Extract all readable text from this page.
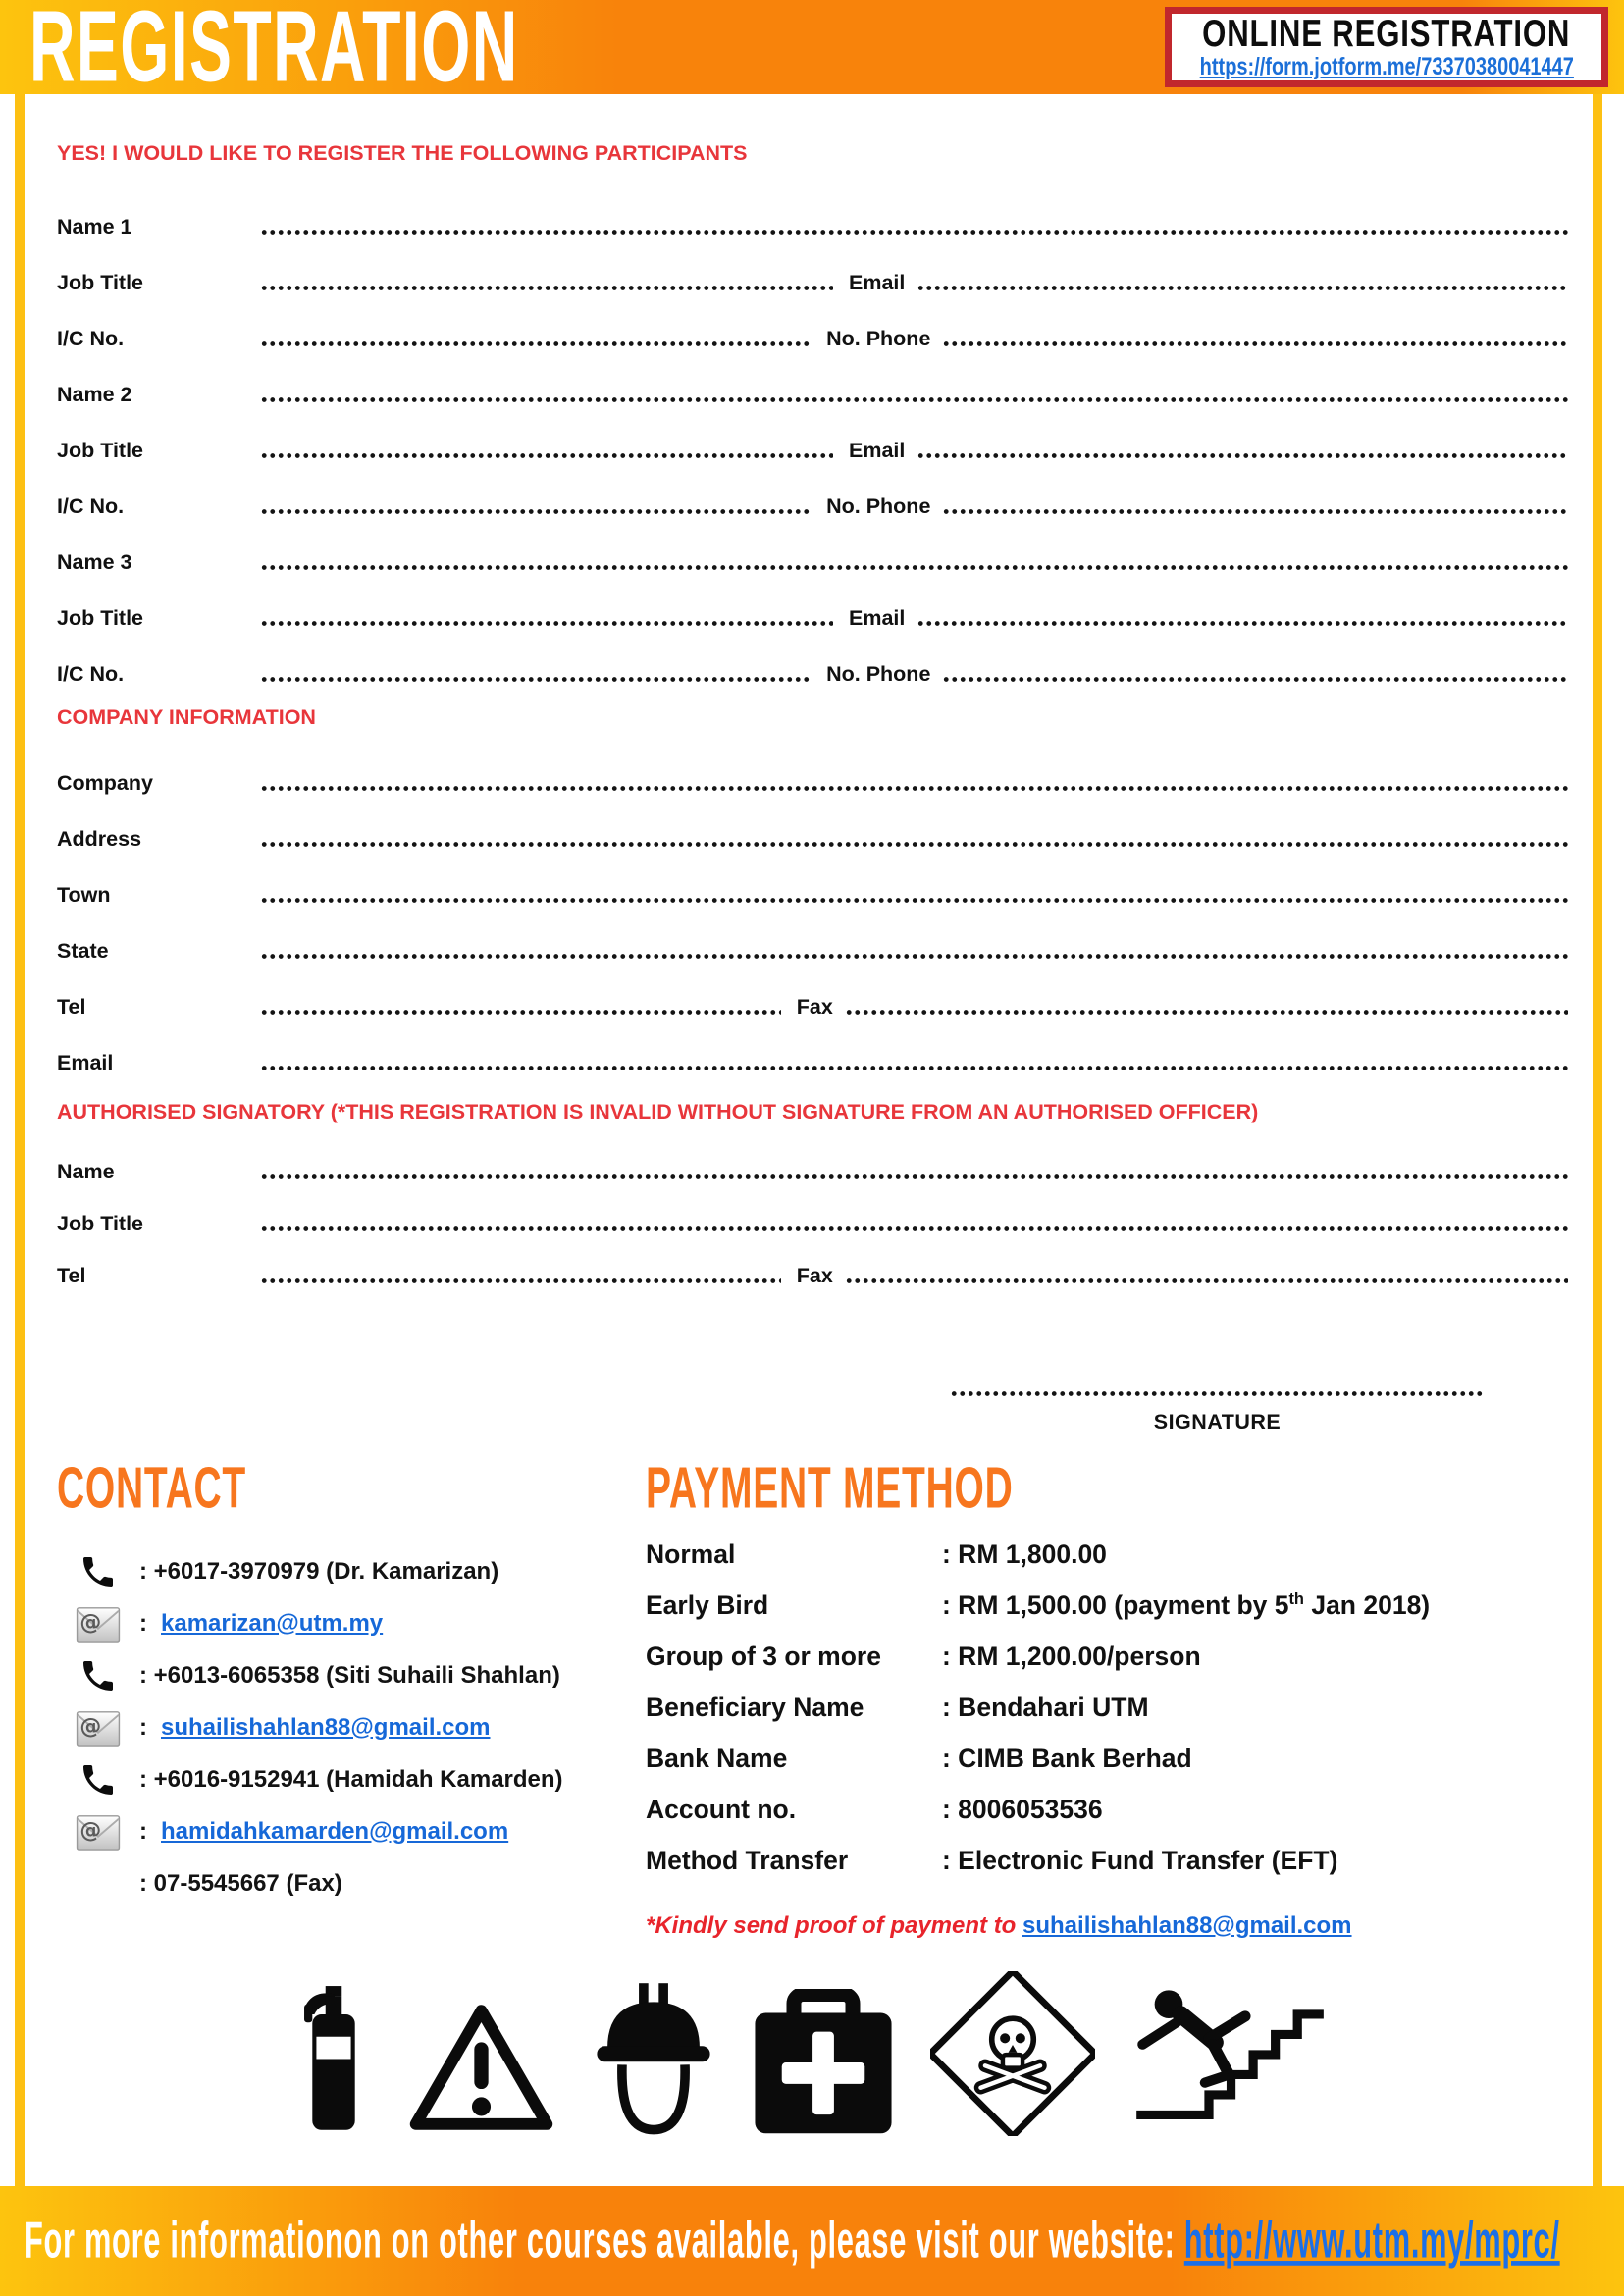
REGISTRATION	ONLINE REGISTRATION
https://form.jotform.me/73370380041447
YES! I WOULD LIKE TO REGISTER THE FOLLOWING PARTICIPANTS
Name 1
Job Title	Email
I/C No.	No. Phone
Name 2
Job Title	Email
I/C No.	No. Phone
Name 3
Job Title	Email
I/C No.	No. Phone
COMPANY INFORMATION
Company
Address
Town
State
Tel	Fax
Email
AUTHORISED SIGNATORY (*THIS REGISTRATION IS INVALID WITHOUT SIGNATURE FROM AN AUTHORISED OFFICER)
Name
Job Title
Tel	Fax
SIGNATURE
CONTACT
: +6017-3970979 (Dr. Kamarizan)
@ : kamarizan@utm.my
: +6013-6065358 (Siti Suhaili Shahlan)
@ : suhailishahlan88@gmail.com
: +6016-9152941 (Hamidah Kamarden)
@ : hamidahkamarden@gmail.com
: 07-5545667 (Fax)
PAYMENT METHOD
Normal	: RM 1,800.00
Early Bird	: RM 1,500.00 (payment by 5th Jan 2018)
Group of 3 or more	: RM 1,200.00/person
Beneficiary Name	: Bendahari UTM
Bank Name	: CIMB Bank Berhad
Account no.	: 8006053536
Method Transfer	: Electronic Fund Transfer (EFT)
*Kindly send proof of payment to suhailishahlan88@gmail.com
For more informationon on other courses available, please visit our website: http://www.utm.my/mprc/
